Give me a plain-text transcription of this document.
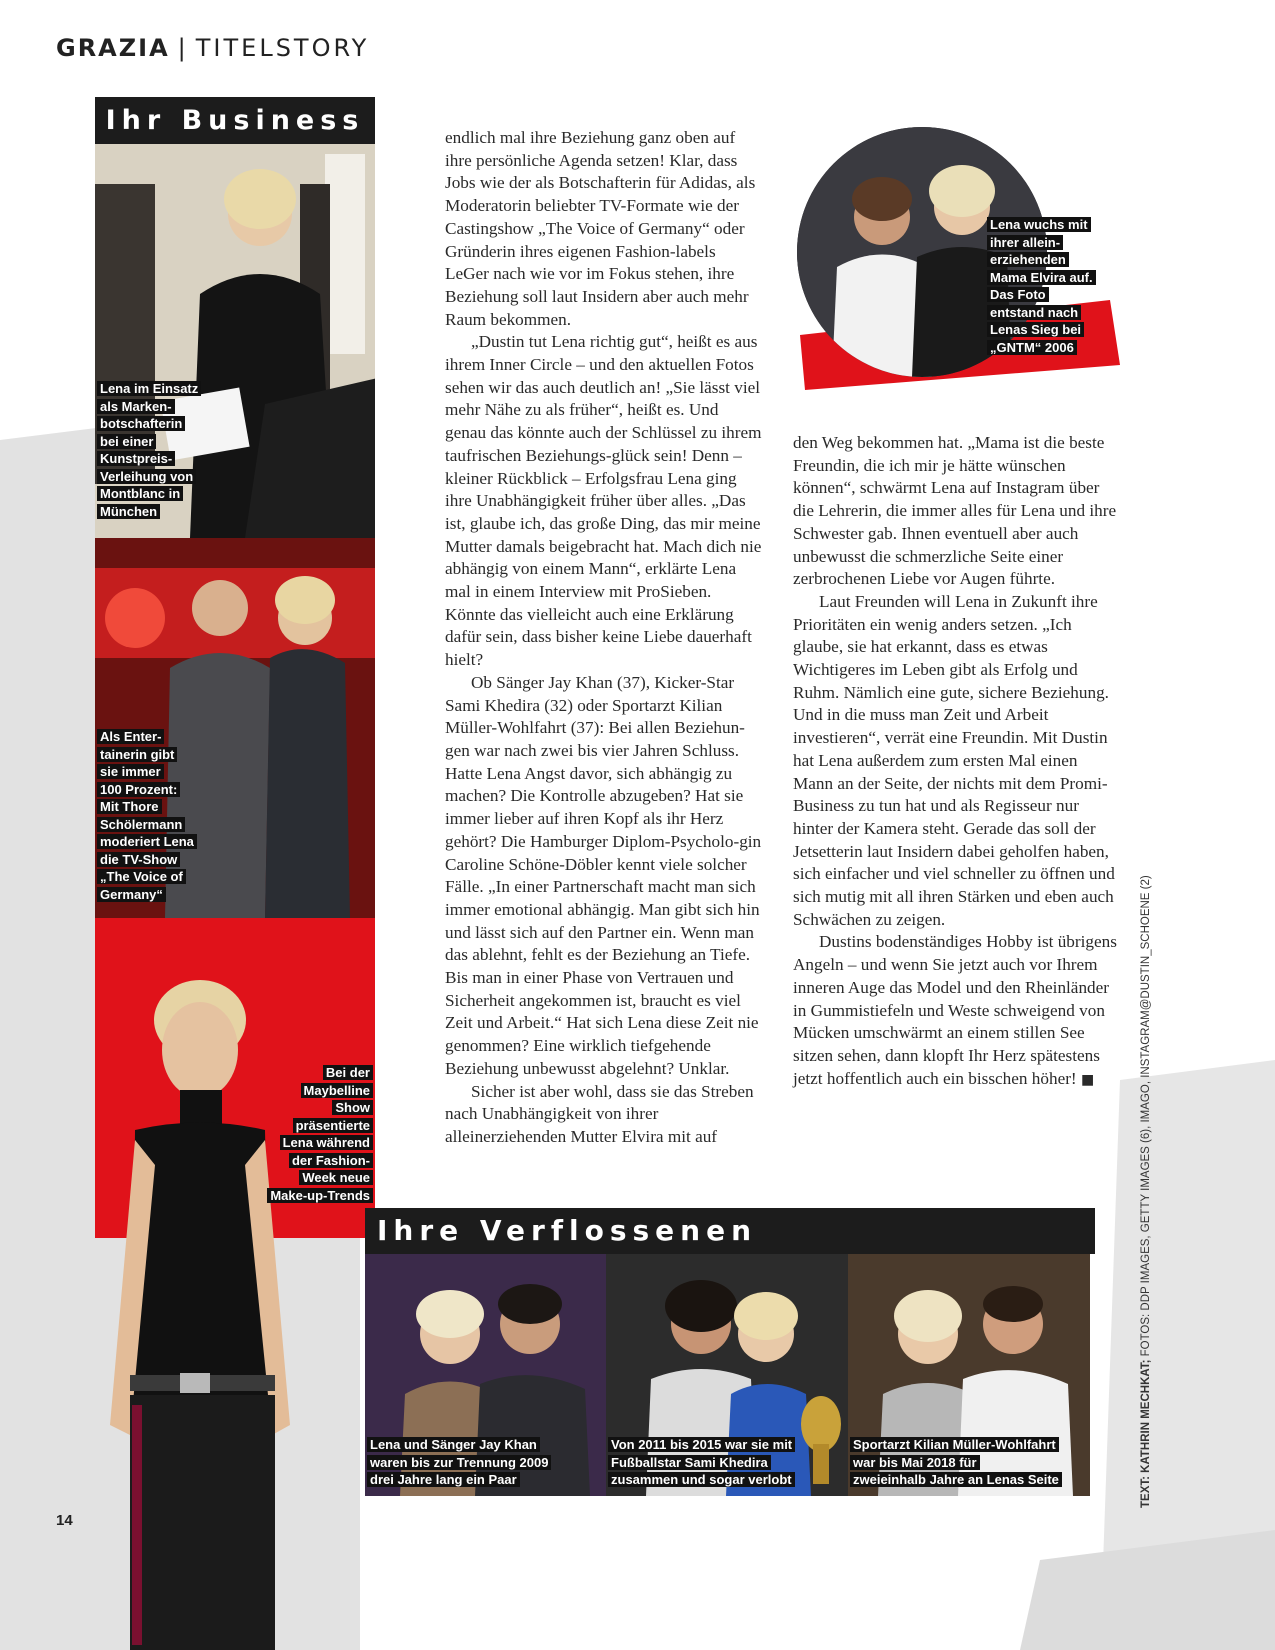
GRAZIA | TITELSTORY
Ihr Business
Lena im Einsatz
als Marken-
botschafterin
bei einer
Kunstpreis-
Verleihung von
Montblanc in
München
Als Enter-
tainerin gibt
sie immer
100 Prozent:
Mit Thore
Schölermann
moderiert Lena
die TV-Show
„The Voice of
Germany“
Bei der
Maybelline
Show
präsentierte
Lena während
der Fashion-
Week neue
Make-up-Trends
Lena wuchs mit
ihrer allein-
erziehenden
Mama Elvira auf.
Das Foto
entstand nach
Lenas Sieg bei
„GNTM“ 2006

endlich mal ihre Beziehung ganz oben auf ihre persönliche Agenda setzen! Klar, dass Jobs wie der als Botschafterin für Adidas, als Moderatorin beliebter TV-Formate wie der Castingshow „The Voice of Germany“ oder Gründerin ihres eigenen Fashion-labels LeGer nach wie vor im Fokus stehen, ihre Beziehung soll laut Insidern aber auch mehr Raum bekommen.

„Dustin tut Lena richtig gut“, heißt es aus ihrem Inner Circle – und den aktuellen Fotos sehen wir das auch deutlich an! „Sie lässt viel mehr Nähe zu als früher“, heißt es. Und genau das könnte auch der Schlüssel zu ihrem taufrischen Beziehungs-glück sein! Denn – kleiner Rückblick – Erfolgsfrau Lena ging ihre Unabhängigkeit früher über alles. „Das ist, glaube ich, das große Ding, das mir meine Mutter damals beigebracht hat. Mach dich nie abhängig von einem Mann“, erklärte Lena mal in einem Interview mit ProSieben. Könnte das vielleicht auch eine Erklärung dafür sein, dass bisher keine Liebe dauerhaft hielt?

Ob Sänger Jay Khan (37), Kicker-Star Sami Khedira (32) oder Sportarzt Kilian Müller-Wohlfahrt (37): Bei allen Beziehun-gen war nach zwei bis vier Jahren Schluss. Hatte Lena Angst davor, sich abhängig zu machen? Die Kontrolle abzugeben? Hat sie immer lieber auf ihren Kopf als ihr Herz gehört? Die Hamburger Diplom-Psycholo-gin Caroline Schöne-Döbler kennt viele solcher Fälle. „In einer Partnerschaft macht man sich immer emotional abhängig. Man gibt sich hin und lässt sich auf den Partner ein. Wenn man das ablehnt, fehlt es der Beziehung an Tiefe. Bis man in einer Phase von Vertrauen und Sicherheit angekommen ist, braucht es viel Zeit und Arbeit.“ Hat sich Lena diese Zeit nie genommen? Eine wirklich tiefgehende Beziehung unbewusst abgelehnt? Unklar.

Sicher ist aber wohl, dass sie das Streben nach Unabhängigkeit von ihrer alleinerziehenden Mutter Elvira mit auf

den Weg bekommen hat. „Mama ist die beste Freundin, die ich mir je hätte wünschen können“, schwärmt Lena auf Instagram über die Lehrerin, die immer alles für Lena und ihre Schwester gab. Ihnen eventuell aber auch unbewusst die schmerzliche Seite einer zerbrochenen Liebe vor Augen führte.

Laut Freunden will Lena in Zukunft ihre Prioritäten ein wenig anders setzen. „Ich glaube, sie hat erkannt, dass es etwas Wichtigeres im Leben gibt als Erfolg und Ruhm. Nämlich eine gute, sichere Beziehung. Und in die muss man Zeit und Arbeit investieren“, verrät eine Freundin. Mit Dustin hat Lena außerdem zum ersten Mal einen Mann an der Seite, der nichts mit dem Promi-Business zu tun hat und als Regisseur nur hinter der Kamera steht. Gerade das soll der Jetsetterin laut Insidern dabei geholfen haben, sich einfacher und viel schneller zu öffnen und sich mutig mit all ihren Stärken und eben auch Schwächen zu zeigen.

Dustins bodenständiges Hobby ist übrigens Angeln – und wenn Sie jetzt auch vor Ihrem inneren Auge das Model und den Rheinländer in Gummistiefeln und Weste schweigend von Mücken umschwärmt an einem stillen See sitzen sehen, dann klopft Ihr Herz spätestens jetzt hoffentlich auch ein bisschen höher! ■

Ihre Verflossenen
Lena und Sänger Jay Khan
waren bis zur Trennung 2009
drei Jahre lang ein Paar
Von 2011 bis 2015 war sie mit
Fußballstar Sami Khedira
zusammen und sogar verlobt
Sportarzt Kilian Müller-Wohlfahrt
war bis Mai 2018 für
zweieinhalb Jahre an Lenas Seite
14
TEXT: KATHRIN MECHKAT; FOTOS: DDP IMAGES, GETTY IMAGES (6), IMAGO, INSTAGRAM@DUSTIN_SCHOENE (2)
